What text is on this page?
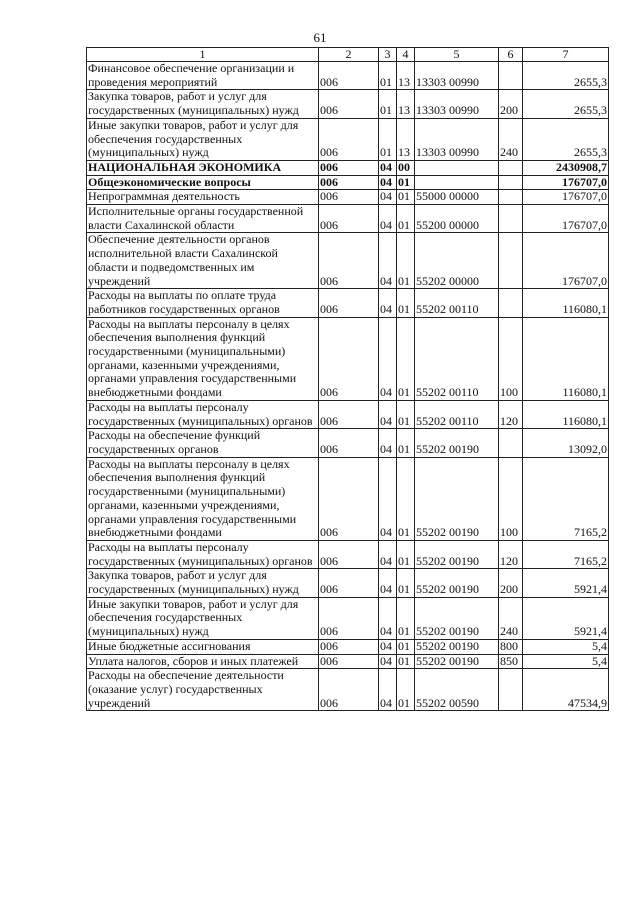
61
1	2	3	4	5	6	7
Финансовое обеспечение организации и проведения мероприятий	006	01	13	13303 00990		2655,3
Закупка товаров, работ и услуг для государственных (муниципальных) нужд	006	01	13	13303 00990	200	2655,3
Иные закупки товаров, работ и услуг для обеспечения государственных (муниципальных) нужд	006	01	13	13303 00990	240	2655,3
НАЦИОНАЛЬНАЯ ЭКОНОМИКА	006	04	00			2430908,7
Общеэкономические вопросы	006	04	01			176707,0
Непрограммная деятельность	006	04	01	55000 00000		176707,0
Исполнительные органы государственной власти Сахалинской области	006	04	01	55200 00000		176707,0
Обеспечение деятельности органов исполнительной власти Сахалинской области и подведомственных им учреждений	006	04	01	55202 00000		176707,0
Расходы на выплаты по оплате труда работников государственных органов	006	04	01	55202 00110		116080,1
Расходы на выплаты персоналу в целях обеспечения выполнения функций государственными (муниципальными) органами, казенными учреждениями, органами управления государственными внебюджетными фондами	006	04	01	55202 00110	100	116080,1
Расходы на выплаты персоналу государственных (муниципальных) органов	006	04	01	55202 00110	120	116080,1
Расходы на обеспечение функций государственных органов	006	04	01	55202 00190		13092,0
Расходы на выплаты персоналу в целях обеспечения выполнения функций государственными (муниципальными) органами, казенными учреждениями, органами управления государственными внебюджетными фондами	006	04	01	55202 00190	100	7165,2
Расходы на выплаты персоналу государственных (муниципальных) органов	006	04	01	55202 00190	120	7165,2
Закупка товаров, работ и услуг для государственных (муниципальных) нужд	006	04	01	55202 00190	200	5921,4
Иные закупки товаров, работ и услуг для обеспечения государственных (муниципальных) нужд	006	04	01	55202 00190	240	5921,4
Иные бюджетные ассигнования	006	04	01	55202 00190	800	5,4
Уплата налогов, сборов и иных платежей	006	04	01	55202 00190	850	5,4
Расходы на обеспечение деятельности (оказание услуг) государственных учреждений	006	04	01	55202 00590		47534,9
